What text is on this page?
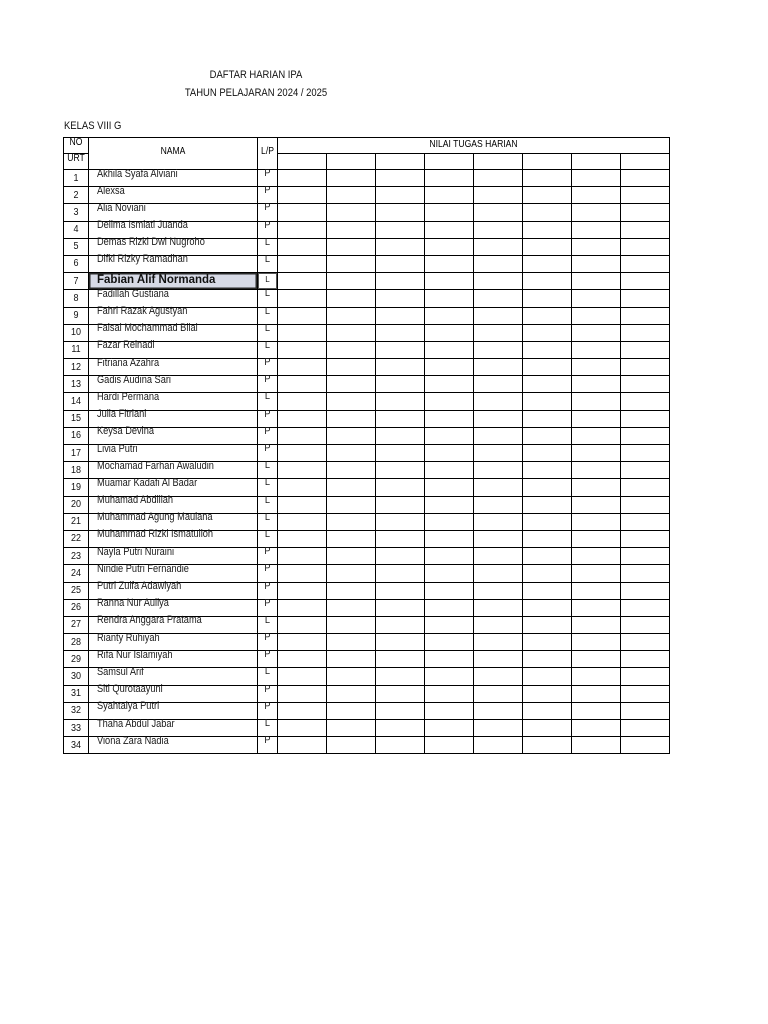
DAFTAR HARIAN IPA
TAHUN PELAJARAN 2024 / 2025
KELAS VIII G
NO
NAMA	L/P
NILAI TUGAS HARIAN
URT
1	Akhila Syafa Alviani	P
2	Alexsa	P
3	Alia Noviani	P
4	Delima Ismiati Juanda	P
5	Demas Rizki Dwi Nugroho	L
6	Difki Rizky Ramadhan	L
7	Fabian Alif Normanda	L
8	Fadillah Gustiana	L
9	Fahri Razak Agustyan	L
10	Faisal Mochammad Bilal	L
11	Fazar Reinadi	L
12	Fitriana Azahra	P
13	Gadis Audina Sari	P
14	Hardi Permana	L
15	Julia Fitriani	P
16	Keysa Devina	P
17	Livia Putri	P
18	Mochamad Farhan Awaludin	L
19	Muamar Kadafi Al Badar	L
20	Muhamad Abdillah	L
21	Muhammad Agung Maulana	L
22	Muhammad Rizki Ismatulloh	L
23	Nayla Putri Nuraini	P
24	Nindie Putri Fernandie	P
25	Putri Zulfa Adawiyah	P
26	Ranna Nur Auliya	P
27	Rendra Anggara Pratama	L
28	Rianty Ruhiyah	P
29	Rifa Nur Islamiyah	P
30	Samsul Arif	L
31	Siti Qurotaayuni	P
32	Syahtalya Putri	P
33	Thaha Abdul Jabar	L
34	Viona Zara Nadia	P
